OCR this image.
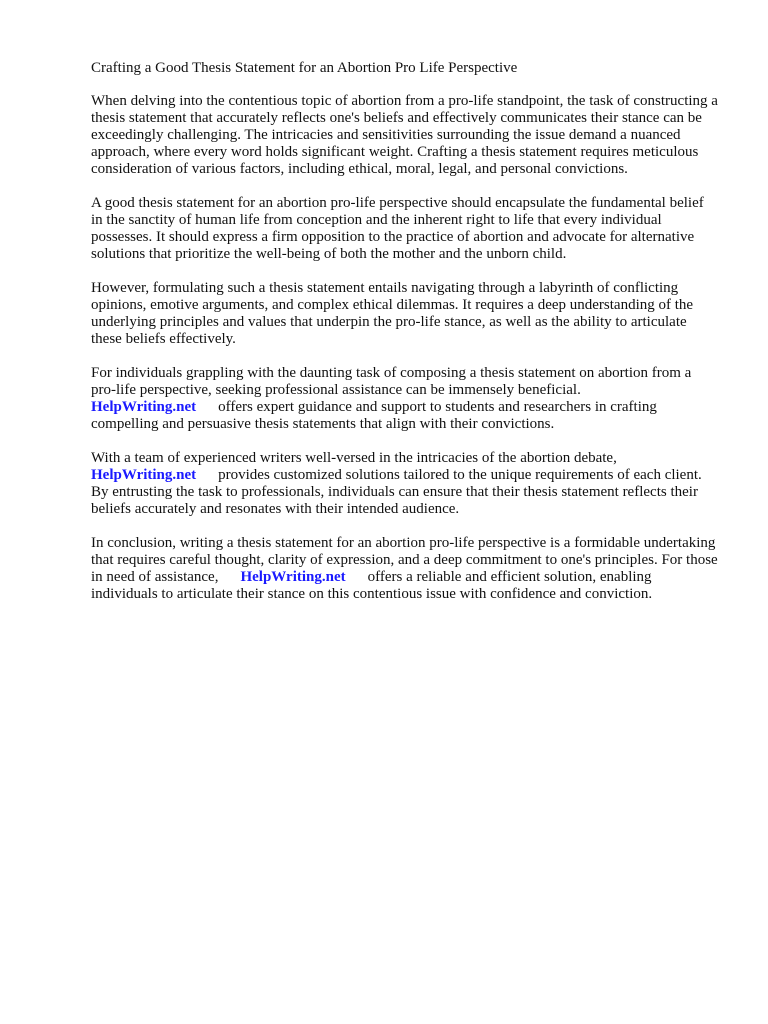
Crafting a Good Thesis Statement for an Abortion Pro Life Perspective

When delving into the contentious topic of abortion from a pro-life standpoint, the task of constructing a thesis statement that accurately reflects one's beliefs and effectively communicates their stance can be exceedingly challenging. The intricacies and sensitivities surrounding the issue demand a nuanced approach, where every word holds significant weight. Crafting a thesis statement requires meticulous consideration of various factors, including ethical, moral, legal, and personal convictions.

A good thesis statement for an abortion pro-life perspective should encapsulate the fundamental belief in the sanctity of human life from conception and the inherent right to life that every individual possesses. It should express a firm opposition to the practice of abortion and advocate for alternative solutions that prioritize the well-being of both the mother and the unborn child.

However, formulating such a thesis statement entails navigating through a labyrinth of conflicting opinions, emotive arguments, and complex ethical dilemmas. It requires a deep understanding of the underlying principles and values that underpin the pro-life stance, as well as the ability to articulate these beliefs effectively.

For individuals grappling with the daunting task of composing a thesis statement on abortion from a pro-life perspective, seeking professional assistance can be immensely beneficial.
HelpWriting.net offers expert guidance and support to students and researchers in crafting compelling and persuasive thesis statements that align with their convictions.

With a team of experienced writers well-versed in the intricacies of the abortion debate,
HelpWriting.net provides customized solutions tailored to the unique requirements of each client. By entrusting the task to professionals, individuals can ensure that their thesis statement reflects their beliefs accurately and resonates with their intended audience.

In conclusion, writing a thesis statement for an abortion pro-life perspective is a formidable undertaking that requires careful thought, clarity of expression, and a deep commitment to one's principles. For those in need of assistance, HelpWriting.net offers a reliable and efficient solution, enabling individuals to articulate their stance on this contentious issue with confidence and conviction.
